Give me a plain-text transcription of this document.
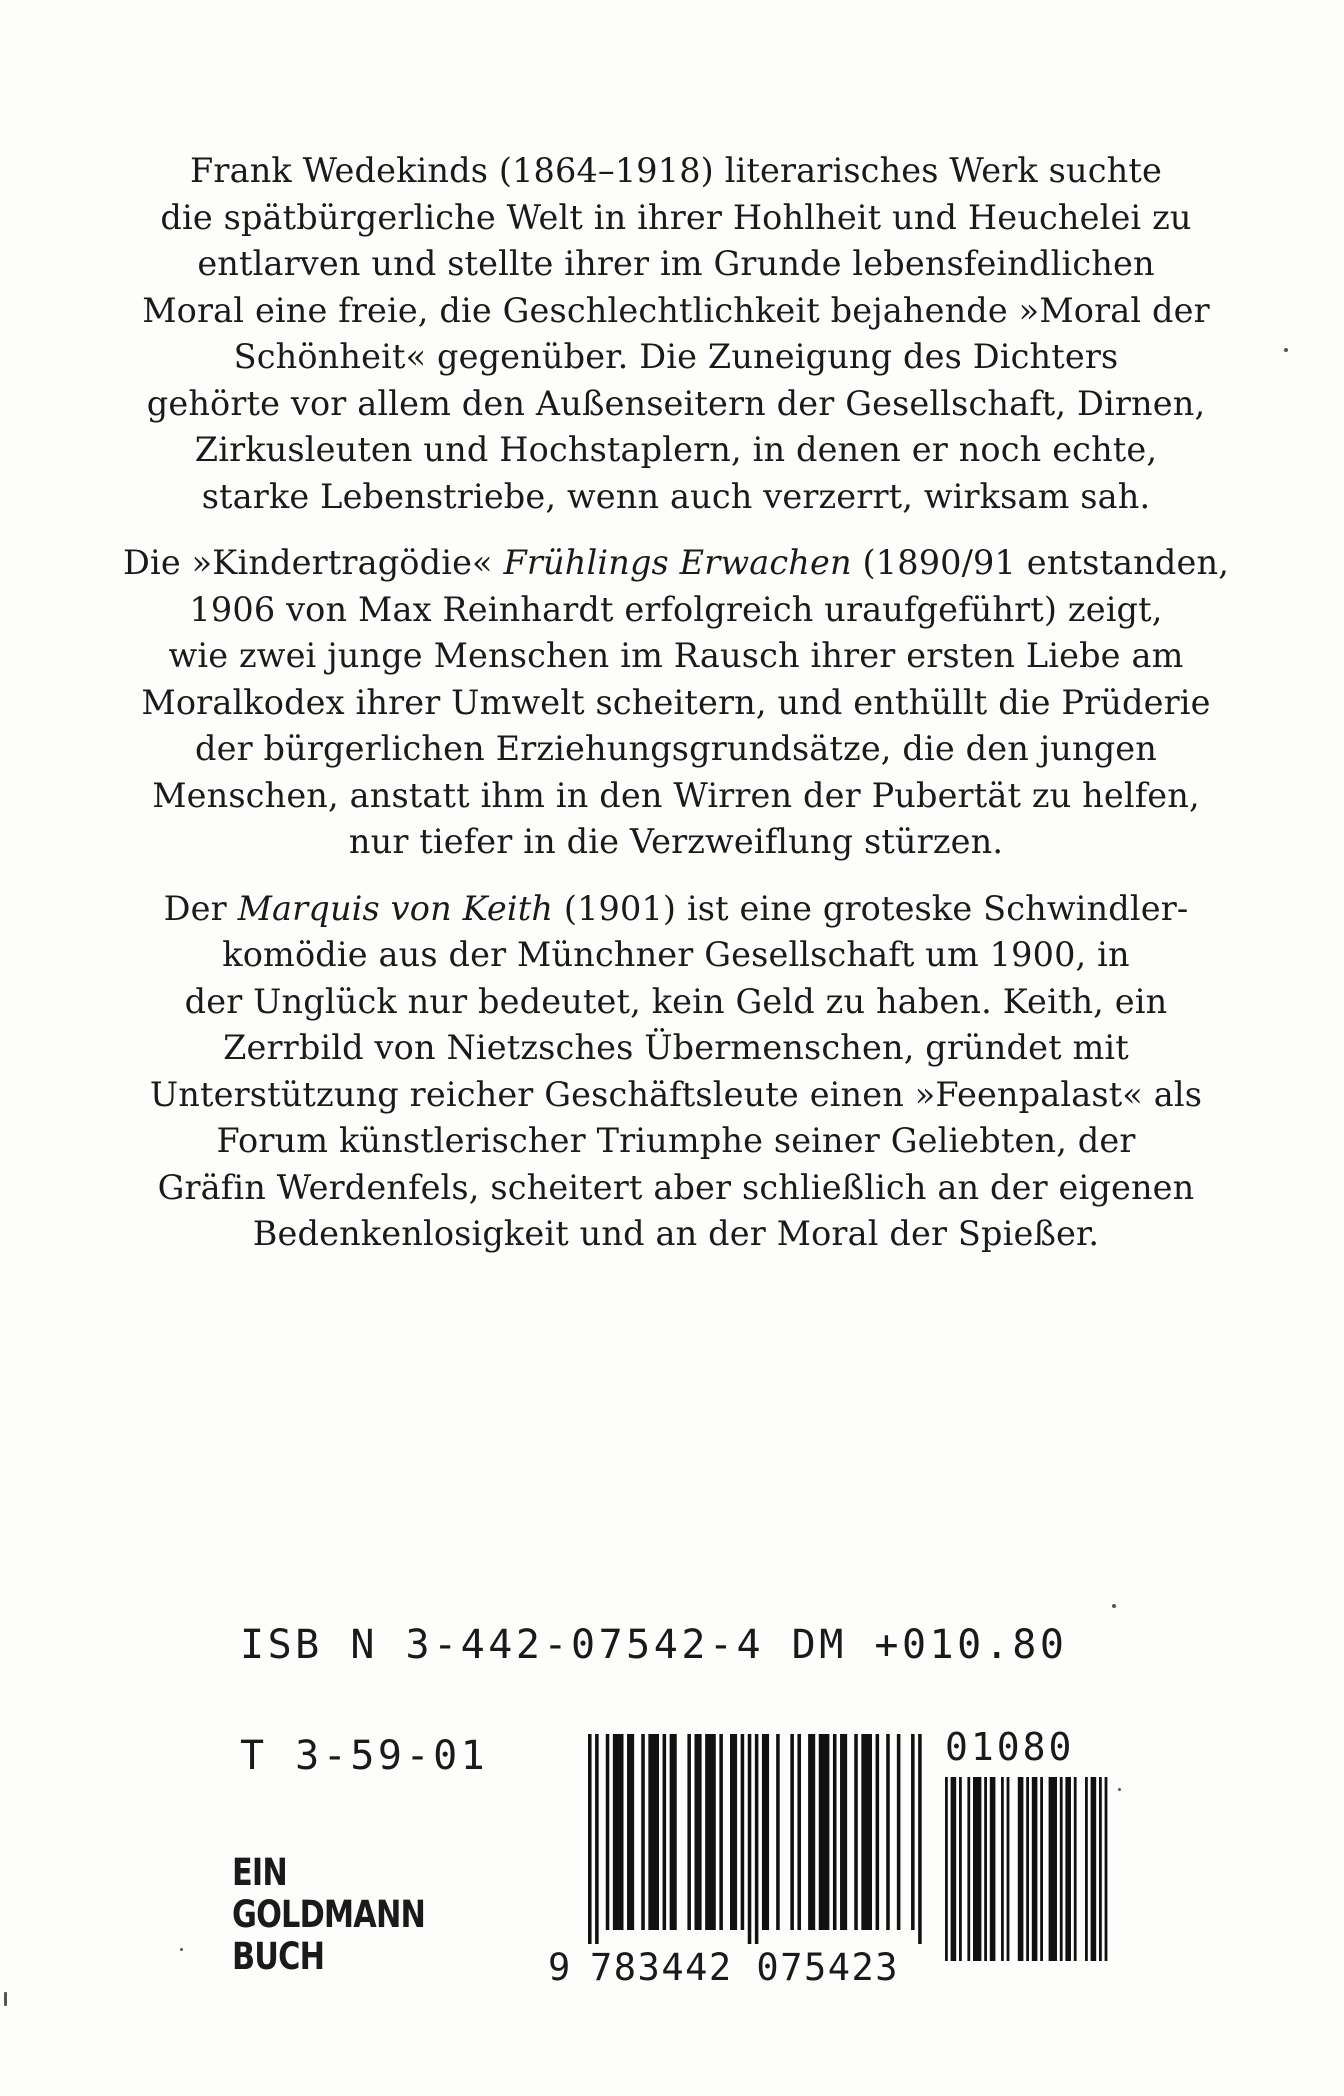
Frank Wedekinds (1864–1918) literarisches Werk suchte
die spätbürgerliche Welt in ihrer Hohlheit und Heuchelei zu
entlarven und stellte ihrer im Grunde lebensfeindlichen
Moral eine freie, die Geschlechtlichkeit bejahende »Moral der
Schönheit« gegenüber. Die Zuneigung des Dichters
gehörte vor allem den Außenseitern der Gesellschaft, Dirnen,
Zirkusleuten und Hochstaplern, in denen er noch echte,
starke Lebenstriebe, wenn auch verzerrt, wirksam sah.
Die »Kindertragödie« Frühlings Erwachen (1890/91 entstanden,
1906 von Max Reinhardt erfolgreich uraufgeführt) zeigt,
wie zwei junge Menschen im Rausch ihrer ersten Liebe am
Moralkodex ihrer Umwelt scheitern, und enthüllt die Prüderie
der bürgerlichen Erziehungsgrundsätze, die den jungen
Menschen, anstatt ihm in den Wirren der Pubertät zu helfen,
nur tiefer in die Verzweiflung stürzen.
Der Marquis von Keith (1901) ist eine groteske Schwindler-
komödie aus der Münchner Gesellschaft um 1900, in
der Unglück nur bedeutet, kein Geld zu haben. Keith, ein
Zerrbild von Nietzsches Übermenschen, gründet mit
Unterstützung reicher Geschäftsleute einen »Feenpalast« als
Forum künstlerischer Triumphe seiner Geliebten, der
Gräfin Werdenfels, scheitert aber schließlich an der eigenen
Bedenkenlosigkeit und an der Moral der Spießer.
ISB N 3-442-07542-4 DM +010.80
T 3-59-01	01080
9 783442 075423
EIN
GOLDMANN
BUCH
